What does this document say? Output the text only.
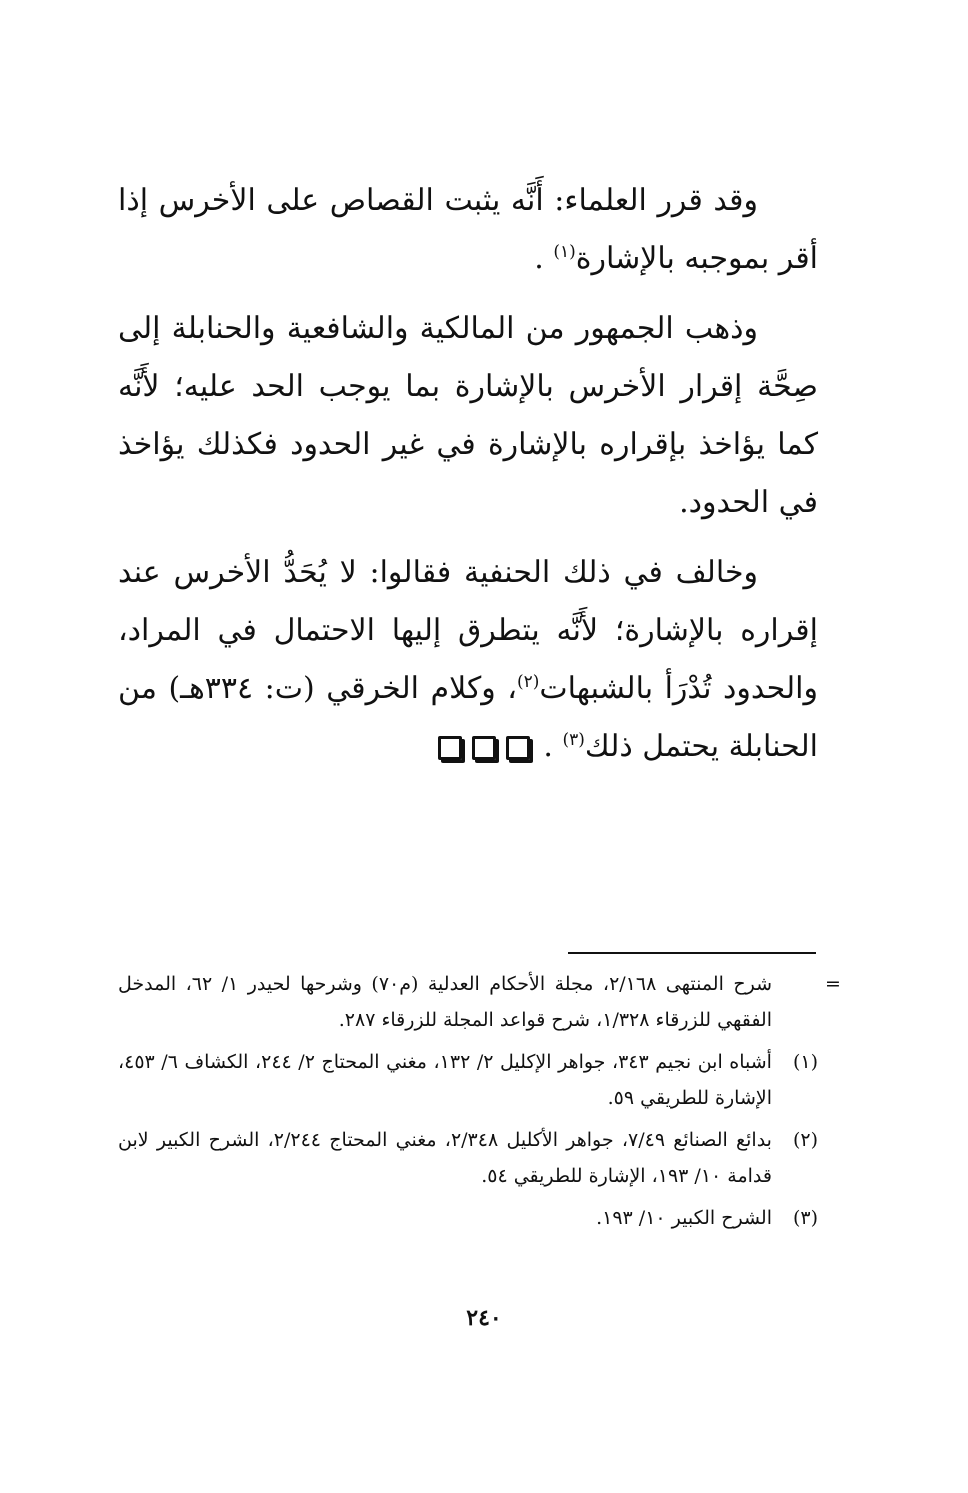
وقد قرر العلماء: أَنَّه يثبت القصاص على الأخرس إذا أقر بموجبه بالإشارة$^{(١)}$ .

وذهب الجمهور من المالكية والشافعية والحنابلة إلى صِحَّة إقرار الأخرس بالإشارة بما يوجب الحد عليه؛ لأَنَّه كما يؤاخذ بإقراره بالإشارة في غير الحدود فكذلك يؤاخذ في الحدود.

وخالف في ذلك الحنفية فقالوا: لا يُحَدُّ الأخرس عند إقراره بالإشارة؛ لأَنَّه يتطرق إليها الاحتمال في المراد، والحدود تُدْرَأ بالشبهات$^{(٢)}$، وكلام الخرقي (ت: ٣٣٤هـ) من الحنابلة يحتمل ذلك$^{(٣)}$ .

=
شرح المنتهى ٢/١٦٨، مجلة الأحكام العدلية (م٧٠) وشرحها لحيدر ١/ ٦٢، المدخل الفقهي للزرقاء ١/٣٢٨، شرح قواعد المجلة للزرقاء ٢٨٧.
(١)
أشباه ابن نجيم ٣٤٣، جواهر الإكليل ٢/ ١٣٢، مغني المحتاج ٢/ ٢٤٤، الكشاف ٦/ ٤٥٣، الإشارة للطريقي ٥٩.
(٢)
بدائع الصنائع ٧/٤٩، جواهر الأكليل ٢/٣٤٨، مغني المحتاج ٢/٢٤٤، الشرح الكبير لابن قدامة ١٠/ ١٩٣، الإشارة للطريقي ٥٤.
(٣)
الشرح الكبير ١٠/ ١٩٣.
٢٤٠
